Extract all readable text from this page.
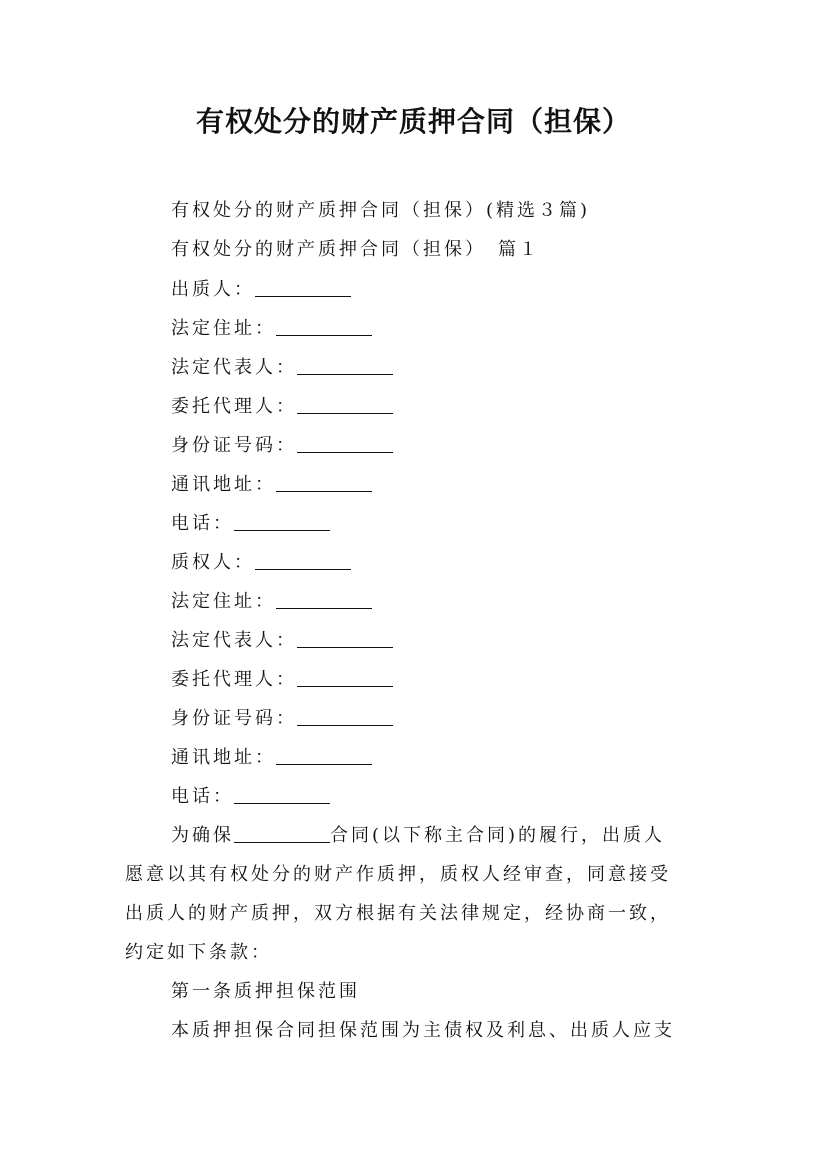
有权处分的财产质押合同（担保）
有权处分的财产质押合同（担保）(精选３篇)
有权处分的财产质押合同（担保）　篇１
出质人：
法定住址：
法定代表人：
委托代理人：
身份证号码：
通讯地址：
电话：
质权人：
法定住址：
法定代表人：
委托代理人：
身份证号码：
通讯地址：
电话：
为确保	合同(以下称主合同)的履行，出质人
愿意以其有权处分的财产作质押，质权人经审查，同意接受
出质人的财产质押，双方根据有关法律规定，经协商一致，
约定如下条款：
第一条质押担保范围
本质押担保合同担保范围为主债权及利息、出质人应支
